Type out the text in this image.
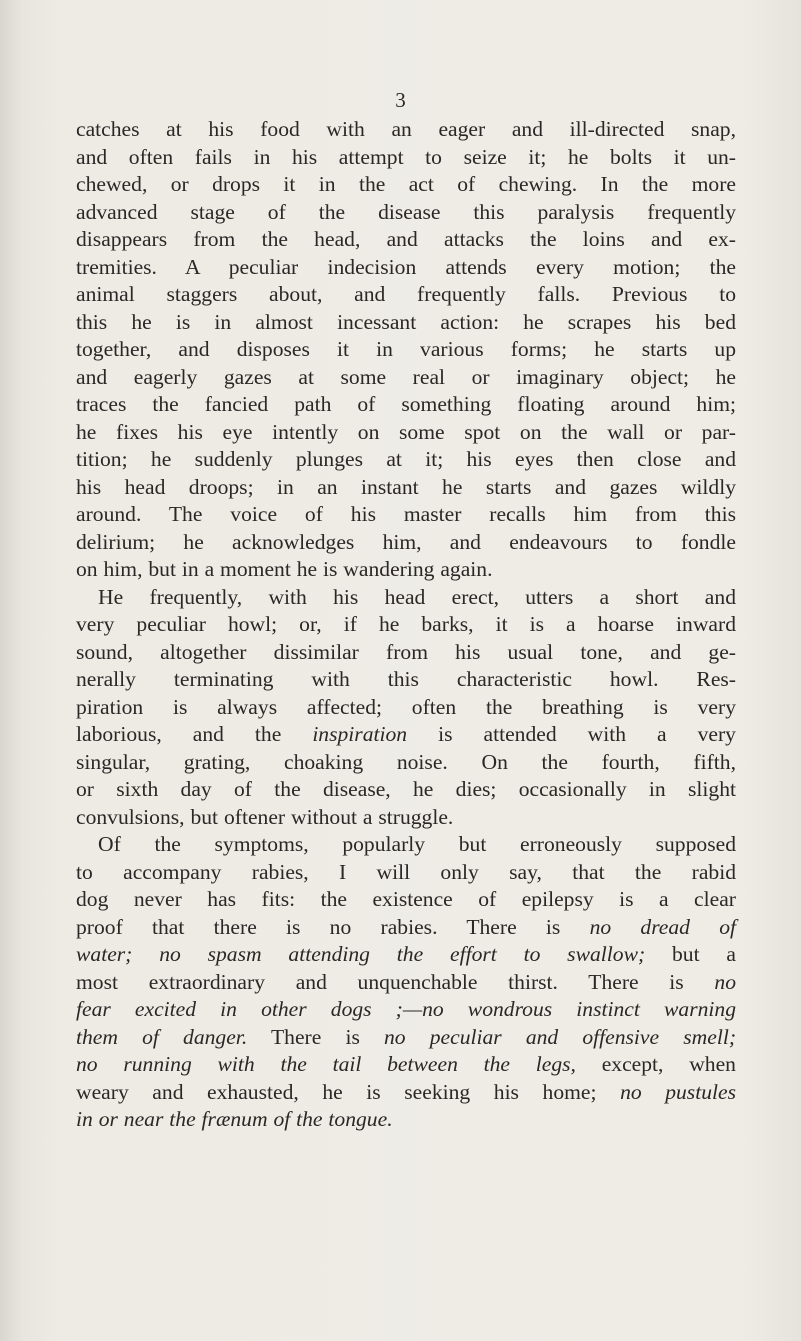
3
catches at his food with an eager and ill-directed snap,
and often fails in his attempt to seize it; he bolts it un-
chewed, or drops it in the act of chewing. In the more
advanced stage of the disease this paralysis frequently
disappears from the head, and attacks the loins and ex-
tremities. A peculiar indecision attends every motion; the
animal staggers about, and frequently falls. Previous to
this he is in almost incessant action: he scrapes his bed
together, and disposes it in various forms; he starts up
and eagerly gazes at some real or imaginary object; he
traces the fancied path of something floating around him;
he fixes his eye intently on some spot on the wall or par-
tition; he suddenly plunges at it; his eyes then close and
his head droops; in an instant he starts and gazes wildly
around. The voice of his master recalls him from this
delirium; he acknowledges him, and endeavours to fondle
on him, but in a moment he is wandering again.
He frequently, with his head erect, utters a short and
very peculiar howl; or, if he barks, it is a hoarse inward
sound, altogether dissimilar from his usual tone, and ge-
nerally terminating with this characteristic howl. Res-
piration is always affected; often the breathing is very
laborious, and the inspiration is attended with a very
singular, grating, choaking noise. On the fourth, fifth,
or sixth day of the disease, he dies; occasionally in slight
convulsions, but oftener without a struggle.
Of the symptoms, popularly but erroneously supposed
to accompany rabies, I will only say, that the rabid
dog never has fits: the existence of epilepsy is a clear
proof that there is no rabies. There is no dread of
water; no spasm attending the effort to swallow; but a
most extraordinary and unquenchable thirst. There is no
fear excited in other dogs ;—no wondrous instinct warning
them of danger. There is no peculiar and offensive smell;
no running with the tail between the legs, except, when
weary and exhausted, he is seeking his home; no pustules
in or near the frænum of the tongue.
